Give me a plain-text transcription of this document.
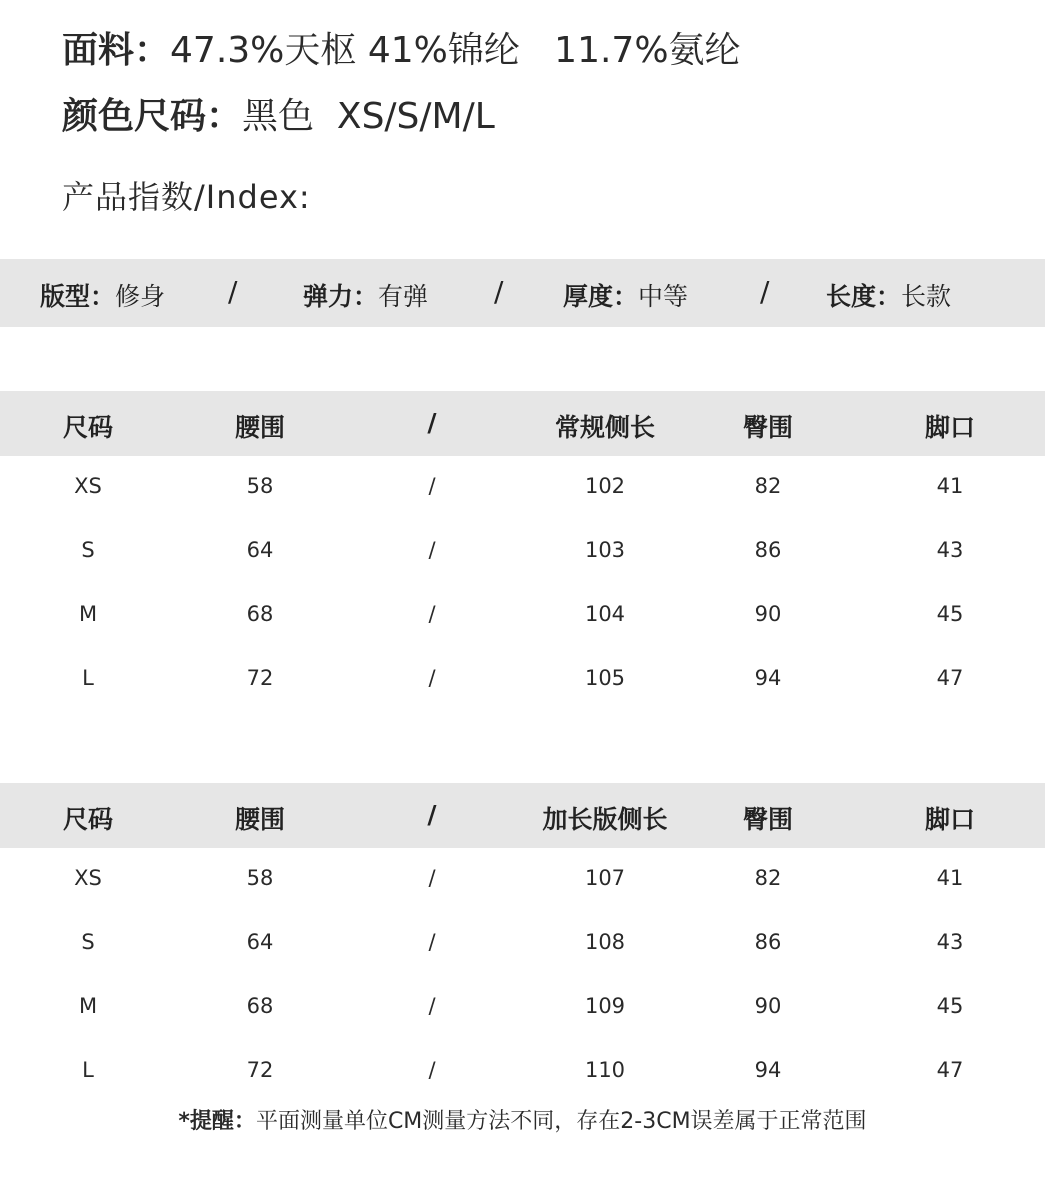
面料：47.3%天枢 41%锦纶   11.7%氨纶
颜色尺码：黑色  XS/S/M/L
产品指数/Index:
版型：修身 /	弹力：有弹 / 厚度：中等	/ 长度：长款
尺码	腰围	/	常规侧长	臀围	脚口
XS	58	/	102	82	41
S	64	/	103	86	43
M	68	/	104	90	45
L	72	/	105	94	47
尺码	腰围	/	加长版侧长	臀围	脚口
XS	58	/	107	82	41
S	64	/	108	86	43
M	68	/	109	90	45
L	72	/	110	94	47
*提醒：平面测量单位CM测量方法不同，存在2-3CM误差属于正常范围
